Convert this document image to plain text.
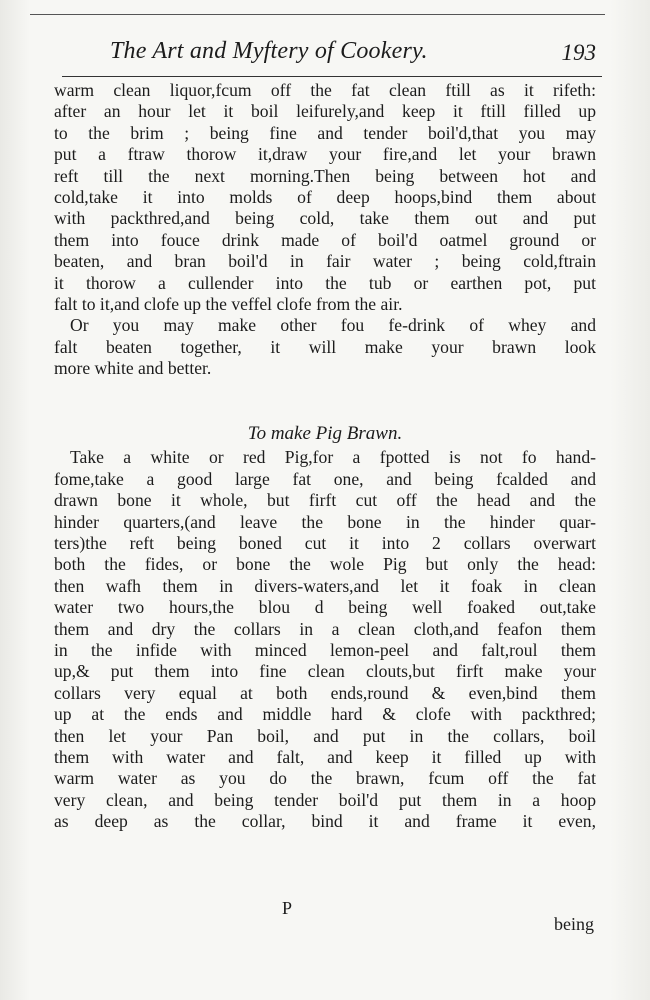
The Art and Myftery of Cookery.	193
warm clean liquor,fcum off the fat clean ftill as it rifeth:
after an hour let it boil leifurely,and keep it ftill filled up
to the brim ; being fine and tender boil'd,that you may
put a ftraw thorow it,draw your fire,and let your brawn
reft till the next morning.Then being between hot and
cold,take it into molds of deep hoops,bind them about
with packthred,and being cold, take them out and put
them into fouce drink made of boil'd oatmel ground or
beaten, and bran boil'd in fair water ; being cold,ftrain
it thorow a cullender into the tub or earthen pot, put
falt to it,and clofe up the veffel clofe from the air.
Or you may make other fou fe-drink of whey and
falt beaten together, it will make your brawn look
more white and better.
To make Pig Brawn.
Take a white or red Pig,for a fpotted is not fo hand-
fome,take a good large fat one, and being fcalded and
drawn bone it whole, but firft cut off the head and the
hinder quarters,(and leave the bone in the hinder quar-
ters)the reft being boned cut it into 2 collars overwart
both the fides, or bone the wole Pig but only the head:
then wafh them in divers-waters,and let it foak in clean
water two hours,the blou d being well foaked out,take
them and dry the collars in a clean cloth,and feafon them
in the infide with minced lemon-peel and falt,roul them
up,& put them into fine clean clouts,but firft make your
collars very equal at both ends,round & even,bind them
up at the ends and middle hard & clofe with packthred;
then let your Pan boil, and put in the collars, boil
them with water and falt, and keep it filled up with
warm water as you do the brawn, fcum off the fat
very clean, and being tender boil'd put them in a hoop
as deep as the collar, bind it and frame it even,
P
being
